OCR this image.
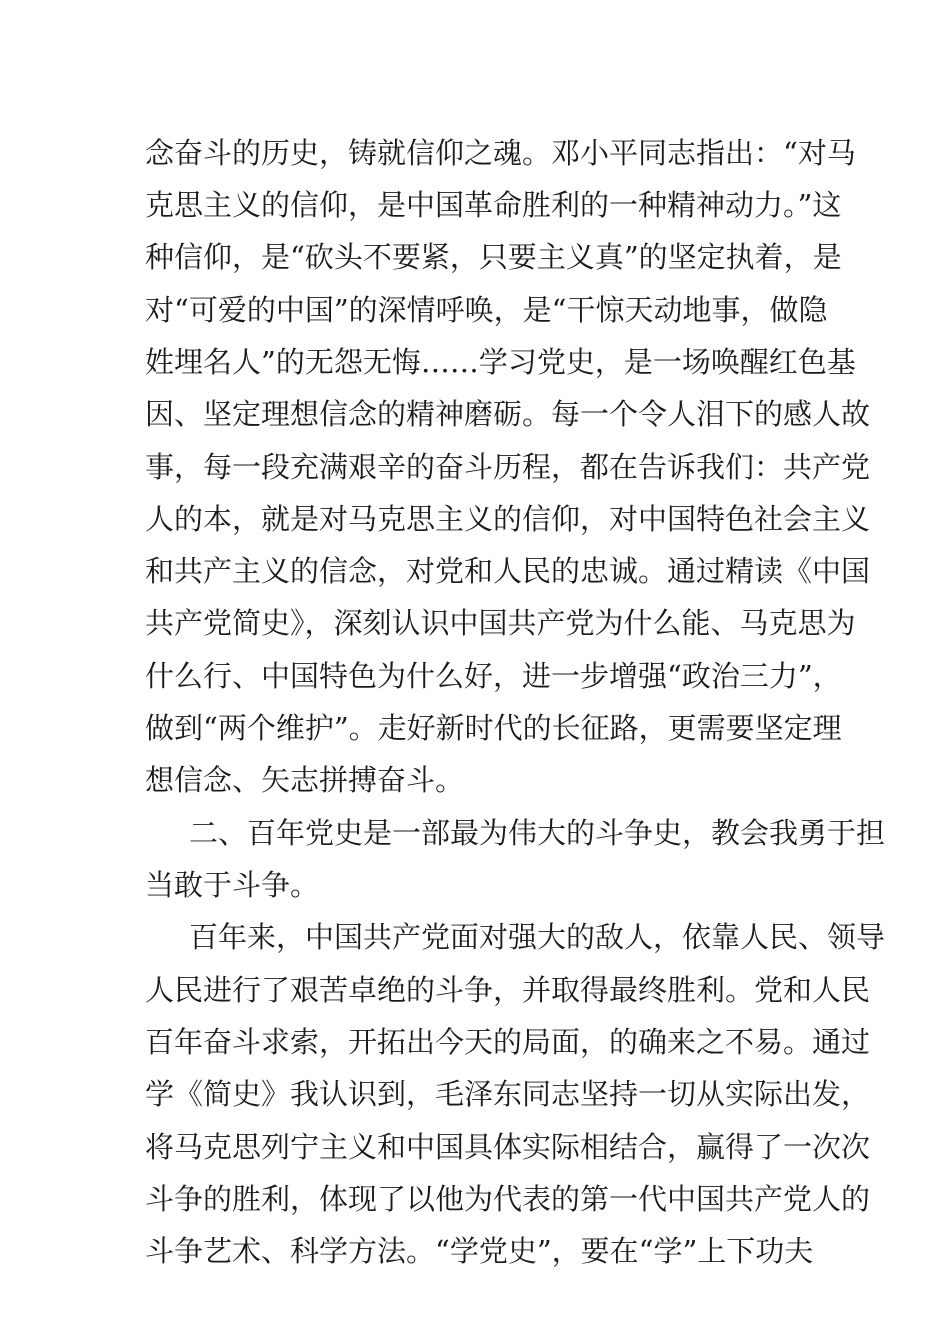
念奋斗的历史，铸就信仰之魂。邓小平同志指出：“对马
克思主义的信仰，是中国革命胜利的一种精神动力。”这
种信仰，是“砍头不要紧，只要主义真”的坚定执着，是
对“可爱的中国”的深情呼唤，是“干惊天动地事，做隐
姓埋名人”的无怨无悔……学习党史，是一场唤醒红色基
因、坚定理想信念的精神磨砺。每一个令人泪下的感人故
事，每一段充满艰辛的奋斗历程，都在告诉我们：共产党
人的本，就是对马克思主义的信仰，对中国特色社会主义
和共产主义的信念，对党和人民的忠诚。通过精读《中国
共产党简史》，深刻认识中国共产党为什么能、马克思为
什么行、中国特色为什么好，进一步增强“政治三力”，
做到“两个维护”。走好新时代的长征路，更需要坚定理
想信念、矢志拼搏奋斗。
二、百年党史是一部最为伟大的斗争史，教会我勇于担
当敢于斗争。
百年来，中国共产党面对强大的敌人，依靠人民、领导
人民进行了艰苦卓绝的斗争，并取得最终胜利。党和人民
百年奋斗求索，开拓出今天的局面，的确来之不易。通过
学《简史》我认识到，毛泽东同志坚持一切从实际出发，
将马克思列宁主义和中国具体实际相结合，赢得了一次次
斗争的胜利，体现了以他为代表的第一代中国共产党人的
斗争艺术、科学方法。“学党史”，要在“学”上下功夫
